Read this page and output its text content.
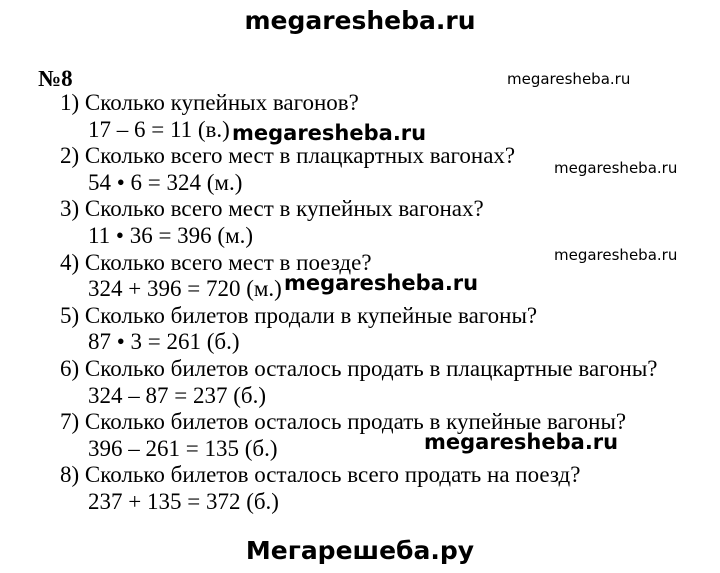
megaresheba.ru
№8
1) Сколько купейных вагонов?
17 – 6 = 11 (в.)
2) Сколько всего мест в плацкартных вагонах?
54 • 6 = 324 (м.)
3) Сколько всего мест в купейных вагонах?
11 • 36 = 396 (м.)
4) Сколько всего мест в поезде?
324 + 396 = 720 (м.)
5) Сколько билетов продали в купейные вагоны?
87 • 3 = 261 (б.)
6) Сколько билетов осталось продать в плацкартные вагоны?
324 – 87 = 237 (б.)
7) Сколько билетов осталось продать в купейные вагоны?
396 – 261 = 135 (б.)
8) Сколько билетов осталось всего продать на поезд?
237 + 135 = 372 (б.)
megaresheba.ru
megaresheba.ru
megaresheba.ru
megaresheba.ru
megaresheba.ru
megaresheba.ru
Мегарешеба.ру
